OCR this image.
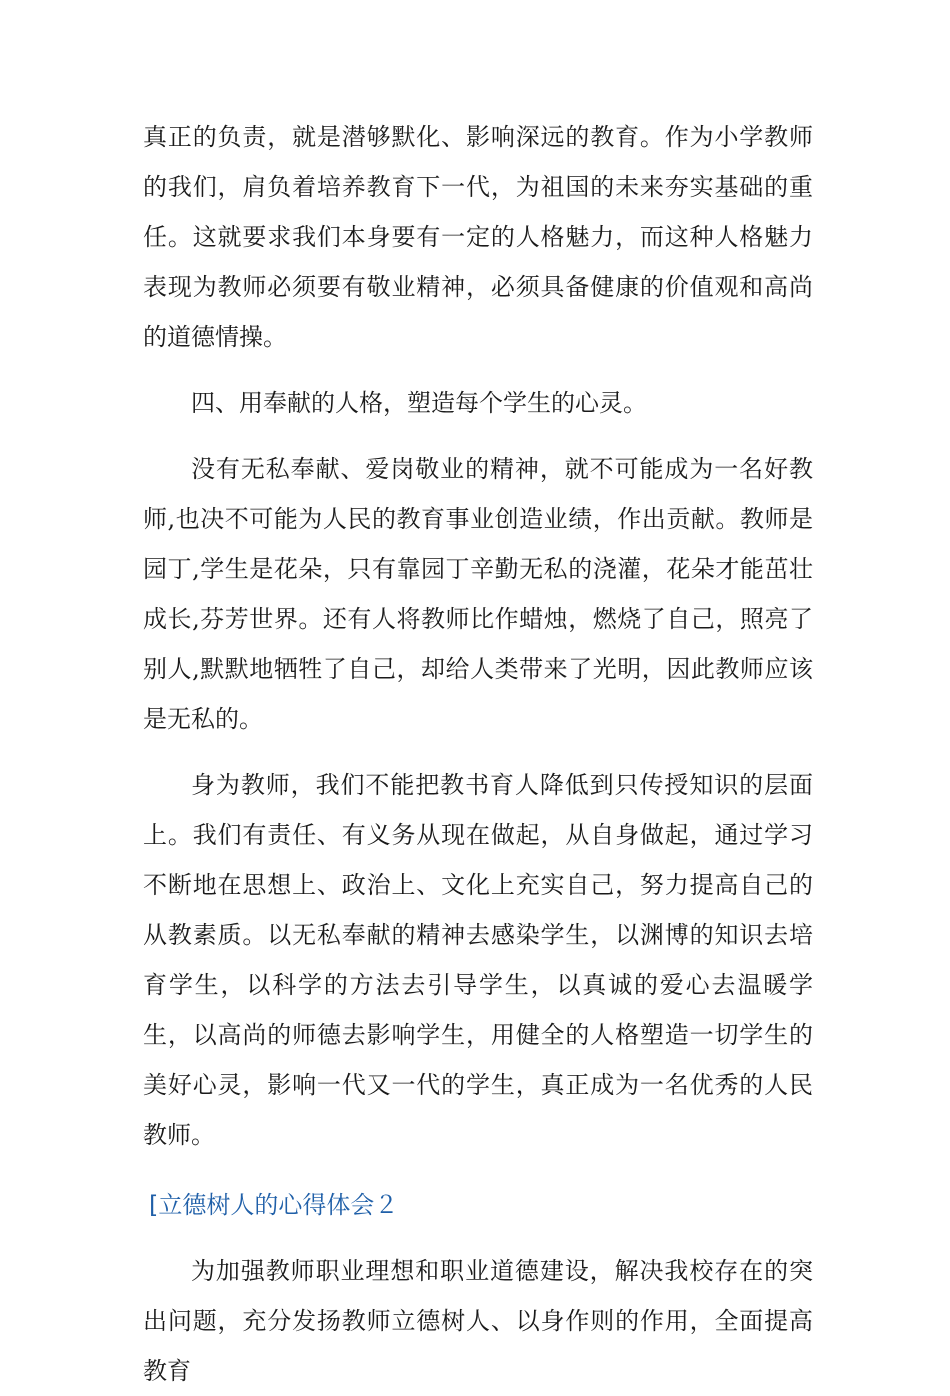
真正的负责，就是潜够默化、影响深远的教育。作为小学教师的我们，肩负着培养教育下一代，为祖国的未来夯实基础的重任。这就要求我们本身要有一定的人格魅力，而这种人格魅力表现为教师必须要有敬业精神，必须具备健康的价值观和高尚的道德情操。

四、用奉献的人格，塑造每个学生的心灵。

没有无私奉献、爱岗敬业的精神，就不可能成为一名好教师,也决不可能为人民的教育事业创造业绩，作出贡献。教师是园丁,学生是花朵，只有靠园丁辛勤无私的浇灌，花朵才能茁壮成长,芬芳世界。还有人将教师比作蜡烛，燃烧了自己，照亮了别人,默默地牺牲了自己，却给人类带来了光明，因此教师应该是无私的。

身为教师，我们不能把教书育人降低到只传授知识的层面上。我们有责任、有义务从现在做起，从自身做起，通过学习不断地在思想上、政治上、文化上充实自己，努力提高自己的从教素质。以无私奉献的精神去感染学生，以渊博的知识去培育学生，以科学的方法去引导学生，以真诚的爱心去温暖学生，以高尚的师德去影响学生，用健全的人格塑造一切学生的美好心灵，影响一代又一代的学生，真正成为一名优秀的人民教师。

[立德树人的心得体会２

为加强教师职业理想和职业道德建设，解决我校存在的突出问题，充分发扬教师立德树人、以身作则的作用，全面提高教育
